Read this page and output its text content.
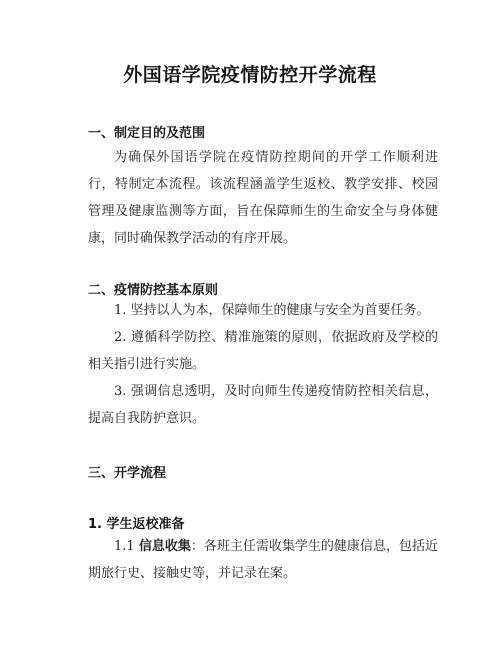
外国语学院疫情防控开学流程
一、制定目的及范围
为确保外国语学院在疫情防控期间的开学工作顺利进行，特制定本流程。该流程涵盖学生返校、教学安排、校园管理及健康监测等方面，旨在保障师生的生命安全与身体健康，同时确保教学活动的有序开展。
二、疫情防控基本原则
1. 坚持以人为本，保障师生的健康与安全为首要任务。
2. 遵循科学防控、精准施策的原则，依据政府及学校的相关指引进行实施。
3. 强调信息透明，及时向师生传递疫情防控相关信息，提高自我防护意识。
三、开学流程
1. 学生返校准备
1.1 信息收集：各班主任需收集学生的健康信息，包括近期旅行史、接触史等，并记录在案。
